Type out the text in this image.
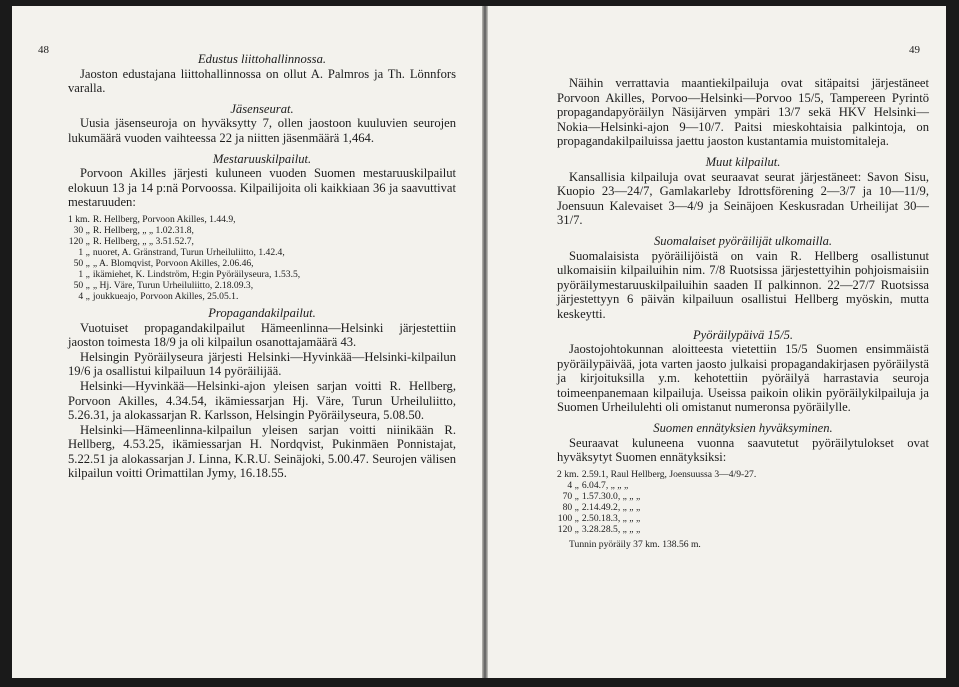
48
Edustus liittohallinnossa.

Jaoston edustajana liittohallinnossa on ollut A. Palmros ja Th. Lönnfors varalla.

Jäsenseurat.

Uusia jäsenseuroja on hyväksytty 7, ollen jaostoon kuuluvien seurojen lukumäärä vuoden vaihteessa 22 ja niitten jäsenmäärä 1,464.

Mestaruuskilpailut.

Porvoon Akilles järjesti kuluneen vuoden Suomen mestaruuskilpailut elokuun 13 ja 14 p:nä Porvoossa. Kilpailijoita oli kaikkiaan 36 ja saavuttivat mestaruuden:

1 km.	R. Hellberg, Porvoon Akilles, 1.44.9,
30 „	R. Hellberg, „ „ 1.02.31.8,
120 „	R. Hellberg, „ „ 3.51.52.7,
1 „	nuoret, A. Gränstrand, Turun Urheiluliitto, 1.42.4,
50 „	„ A. Blomqvist, Porvoon Akilles, 2.06.46,
1 „	ikämiehet, K. Lindström, H:gin Pyöräilyseura, 1.53.5,
50 „	„ Hj. Väre, Turun Urheiluliitto, 2.18.09.3,
4 „	joukkueajo, Porvoon Akilles, 25.05.1.
Propagandakilpailut.

Vuotuiset propagandakilpailut Hämeenlinna—Helsinki järjestettiin jaoston toimesta 18/9 ja oli kilpailun osanottajamäärä 43.

Helsingin Pyöräilyseura järjesti Helsinki—Hyvinkää—Helsinki-kilpailun 19/6 ja osallistui kilpailuun 14 pyöräilijää.

Helsinki—Hyvinkää—Helsinki-ajon yleisen sarjan voitti R. Hellberg, Porvoon Akilles, 4.34.54, ikämiessarjan Hj. Väre, Turun Urheiluliitto, 5.26.31, ja alokassarjan R. Karlsson, Helsingin Pyöräilyseura, 5.08.50.

Helsinki—Hämeenlinna-kilpailun yleisen sarjan voitti niinikään R. Hellberg, 4.53.25, ikämiessarjan H. Nordqvist, Pukinmäen Ponnistajat, 5.22.51 ja alokassarjan J. Linna, K.R.U. Seinäjoki, 5.00.47. Seurojen välisen kilpailun voitti Orimattilan Jymy, 16.18.55.

49

Näihin verrattavia maantiekilpailuja ovat sitäpaitsi järjestäneet Porvoon Akilles, Porvoo—Helsinki—Porvoo 15/5, Tampereen Pyrintö propagandapyöräilyn Näsijärven ympäri 13/7 sekä HKV Helsinki—Nokia—Helsinki-ajon 9—10/7. Paitsi mieskohtaisia palkintoja, on propagandakilpailuissa jaettu jaoston kustantamia muistomitaleja.

Muut kilpailut.

Kansallisia kilpailuja ovat seuraavat seurat järjestäneet: Savon Sisu, Kuopio 23—24/7, Gamlakarleby Idrottsförening 2—3/7 ja 10—11/9, Joensuun Kalevaiset 3—4/9 ja Seinäjoen Keskusradan Urheilijat 30—31/7.

Suomalaiset pyöräilijät ulkomailla.

Suomalaisista pyöräilijöistä on vain R. Hellberg osallistunut ulkomaisiin kilpailuihin nim. 7/8 Ruotsissa järjestettyihin pohjoismaisiin pyöräilymestaruuskilpailuihin saaden II palkinnon. 22—27/7 Ruotsissa järjestettyyn 6 päivän kilpailuun osallistui Hellberg myöskin, mutta keskeytti.

Pyöräilypäivä 15/5.

Jaostojohtokunnan aloitteesta vietettiin 15/5 Suomen ensimmäistä pyöräilypäivää, jota varten jaosto julkaisi propagandakirjasen pyöräilystä ja kirjoituksilla y.m. kehotettiin pyöräilyä harrastavia seuroja toimeenpanemaan kilpailuja. Useissa paikoin olikin pyöräilykilpailuja ja Suomen Urheilulehti oli omistanut numeronsa pyöräilylle.

Suomen ennätyksien hyväksyminen.

Seuraavat kuluneena vuonna saavutetut pyöräilytulokset ovat hyväksytyt Suomen ennätyksiksi:

2 km.	2.59.1, Raul Hellberg, Joensuussa 3—4/9-27.
4 „	6.04.7, „ „ „
70 „	1.57.30.0, „ „ „
80 „	2.14.49.2, „ „ „
100 „	2.50.18.3, „ „ „
120 „	3.28.28.5, „ „ „
Tunnin pyöräily 37 km. 138.56 m.
